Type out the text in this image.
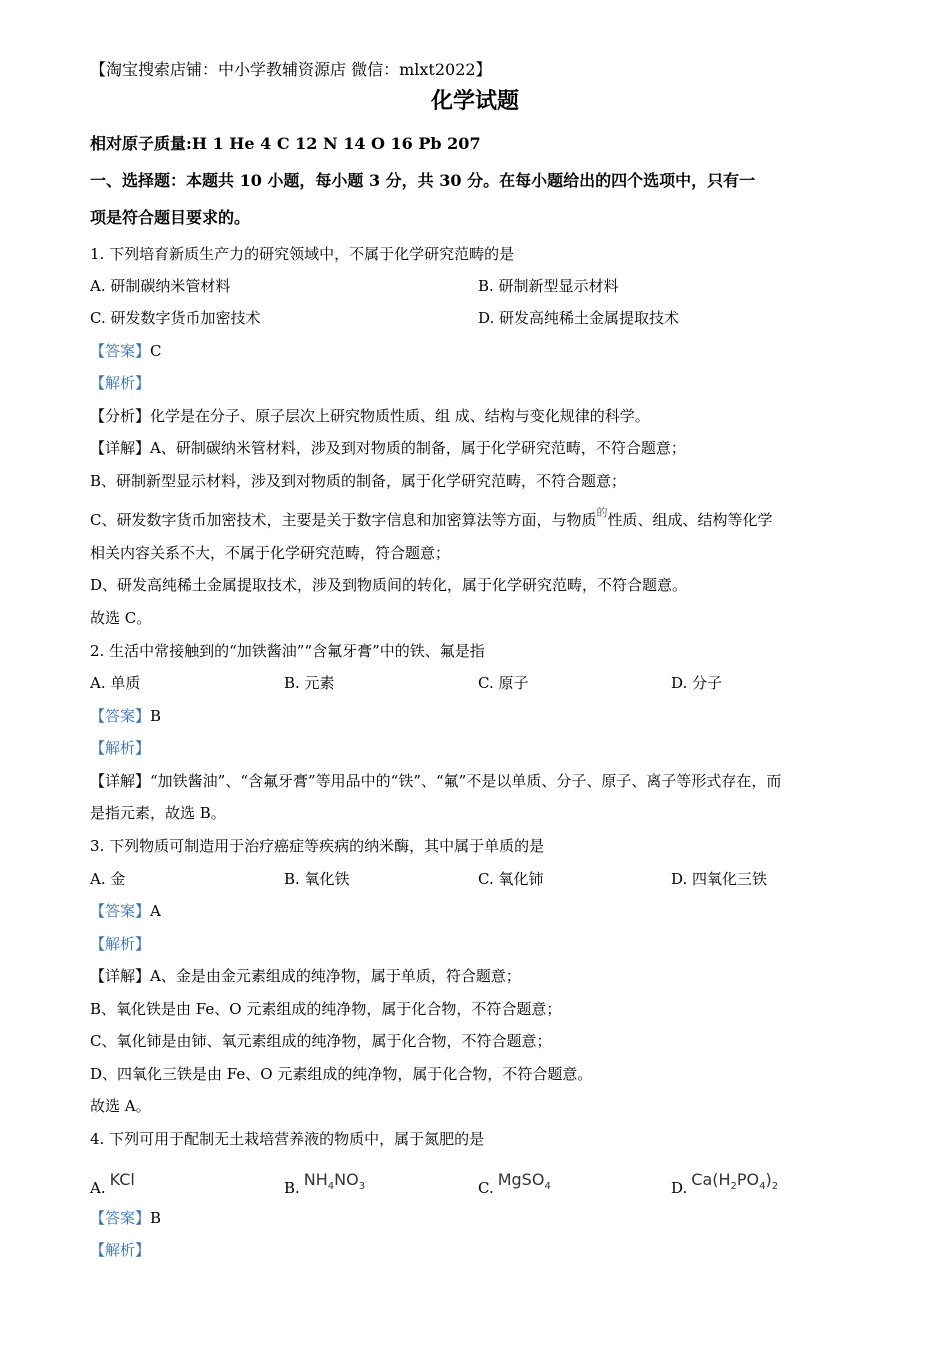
【淘宝搜索店铺：中小学教辅资源店 微信：mlxt2022】
化学试题
相对原子质量:H 1 He 4 C 12 N 14 O 16 Pb 207
一、选择题：本题共 10 小题，每小题 3 分，共 30 分。在每小题给出的四个选项中，只有一
项是符合题目要求的。
1. 下列培育新质生产力的研究领域中，不属于化学研究范畴的是
A. 研制碳纳米管材料	B. 研制新型显示材料
C. 研发数字货币加密技术	D. 研发高纯稀土金属提取技术
【答案】C
【解析】
【分析】化学是在分子、原子层次上研究物质性质、组 成、结构与变化规律的科学。
【详解】A、研制碳纳米管材料，涉及到对物质的制备，属于化学研究范畴，不符合题意；
B、研制新型显示材料，涉及到对物质的制备，属于化学研究范畴，不符合题意；
C、研发数字货币加密技术，主要是关于数字信息和加密算法等方面，与物质$^的$性质、组成、结构等化学
相关内容关系不大，不属于化学研究范畴，符合题意；
D、研发高纯稀土金属提取技术，涉及到物质间的转化，属于化学研究范畴，不符合题意。
故选 C。
2. 生活中常接触到的“加铁酱油”“含氟牙膏”中的铁、氟是指
A. 单质	B. 元素	C. 原子	D. 分子
【答案】B
【解析】
【详解】“加铁酱油”、“含氟牙膏”等用品中的“铁”、“氟”不是以单质、分子、原子、离子等形式存在，而
是指元素，故选 B。
3. 下列物质可制造用于治疗癌症等疾病的纳米酶，其中属于单质的是
A. 金	B. 氧化铁	C. 氧化铈	D. 四氧化三铁
【答案】A
【解析】
【详解】A、金是由金元素组成的纯净物，属于单质，符合题意；
B、氧化铁是由 Fe、O 元素组成的纯净物，属于化合物，不符合题意；
C、氧化铈是由铈、氧元素组成的纯净物，属于化合物，不符合题意；
D、四氧化三铁是由 Fe、O 元素组成的纯净物，属于化合物，不符合题意。
故选 A。
4. 下列可用于配制无土栽培营养液的物质中，属于氮肥的是
A. KCl	B. $NH_4NO_3$	C. MgSO$_4$	D. $Ca(H_2PO_4)_2$
【答案】B
【解析】
